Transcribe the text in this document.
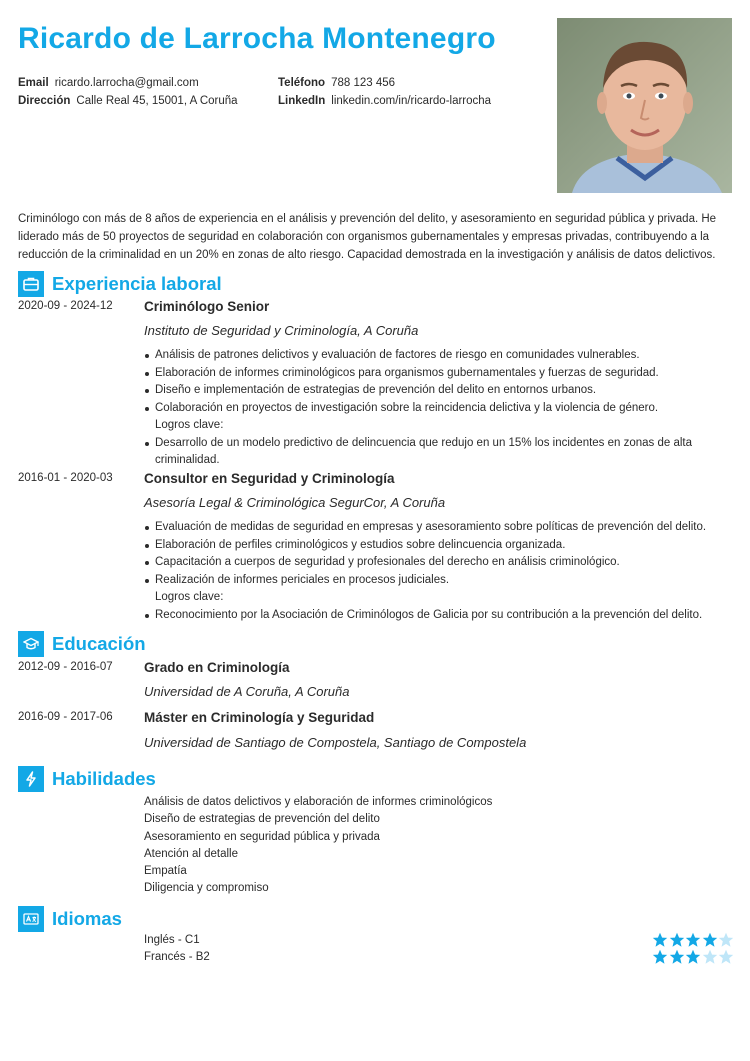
Ricardo de Larrocha Montenegro
Email ricardo.larrocha@gmail.com	Teléfono 788 123 456
Dirección Calle Real 45, 15001, A Coruña	LinkedIn linkedin.com/in/ricardo-larrocha
Criminólogo con más de 8 años de experiencia en el análisis y prevención del delito, y asesoramiento en seguridad pública y privada. He
liderado más de 50 proyectos de seguridad en colaboración con organismos gubernamentales y empresas privadas, contribuyendo a la
reducción de la criminalidad en un 20% en zonas de alto riesgo. Capacidad demostrada en la investigación y análisis de datos delictivos.
Experiencia laboral
2020-09 - 2024-12 Criminólogo Senior
Instituto de Seguridad y Criminología, A Coruña
Análisis de patrones delictivos y evaluación de factores de riesgo en comunidades vulnerables.
Elaboración de informes criminológicos para organismos gubernamentales y fuerzas de seguridad.
Diseño e implementación de estrategias de prevención del delito en entornos urbanos.
Colaboración en proyectos de investigación sobre la reincidencia delictiva y la violencia de género.
Logros clave:
Desarrollo de un modelo predictivo de delincuencia que redujo en un 15% los incidentes en zonas de alta
criminalidad.
2016-01 - 2020-03 Consultor en Seguridad y Criminología
Asesoría Legal & Criminológica SegurCor, A Coruña
Evaluación de medidas de seguridad en empresas y asesoramiento sobre políticas de prevención del delito.
Elaboración de perfiles criminológicos y estudios sobre delincuencia organizada.
Capacitación a cuerpos de seguridad y profesionales del derecho en análisis criminológico.
Realización de informes periciales en procesos judiciales.
Logros clave:
Reconocimiento por la Asociación de Criminólogos de Galicia por su contribución a la prevención del delito.
Educación
2012-09 - 2016-07 Grado en Criminología
Universidad de A Coruña, A Coruña
2016-09 - 2017-06 Máster en Criminología y Seguridad
Universidad de Santiago de Compostela, Santiago de Compostela
Habilidades
Análisis de datos delictivos y elaboración de informes criminológicos
Diseño de estrategias de prevención del delito
Asesoramiento en seguridad pública y privada
Atención al detalle
Empatía
Diligencia y compromiso
Idiomas
Inglés - C1
Francés - B2
